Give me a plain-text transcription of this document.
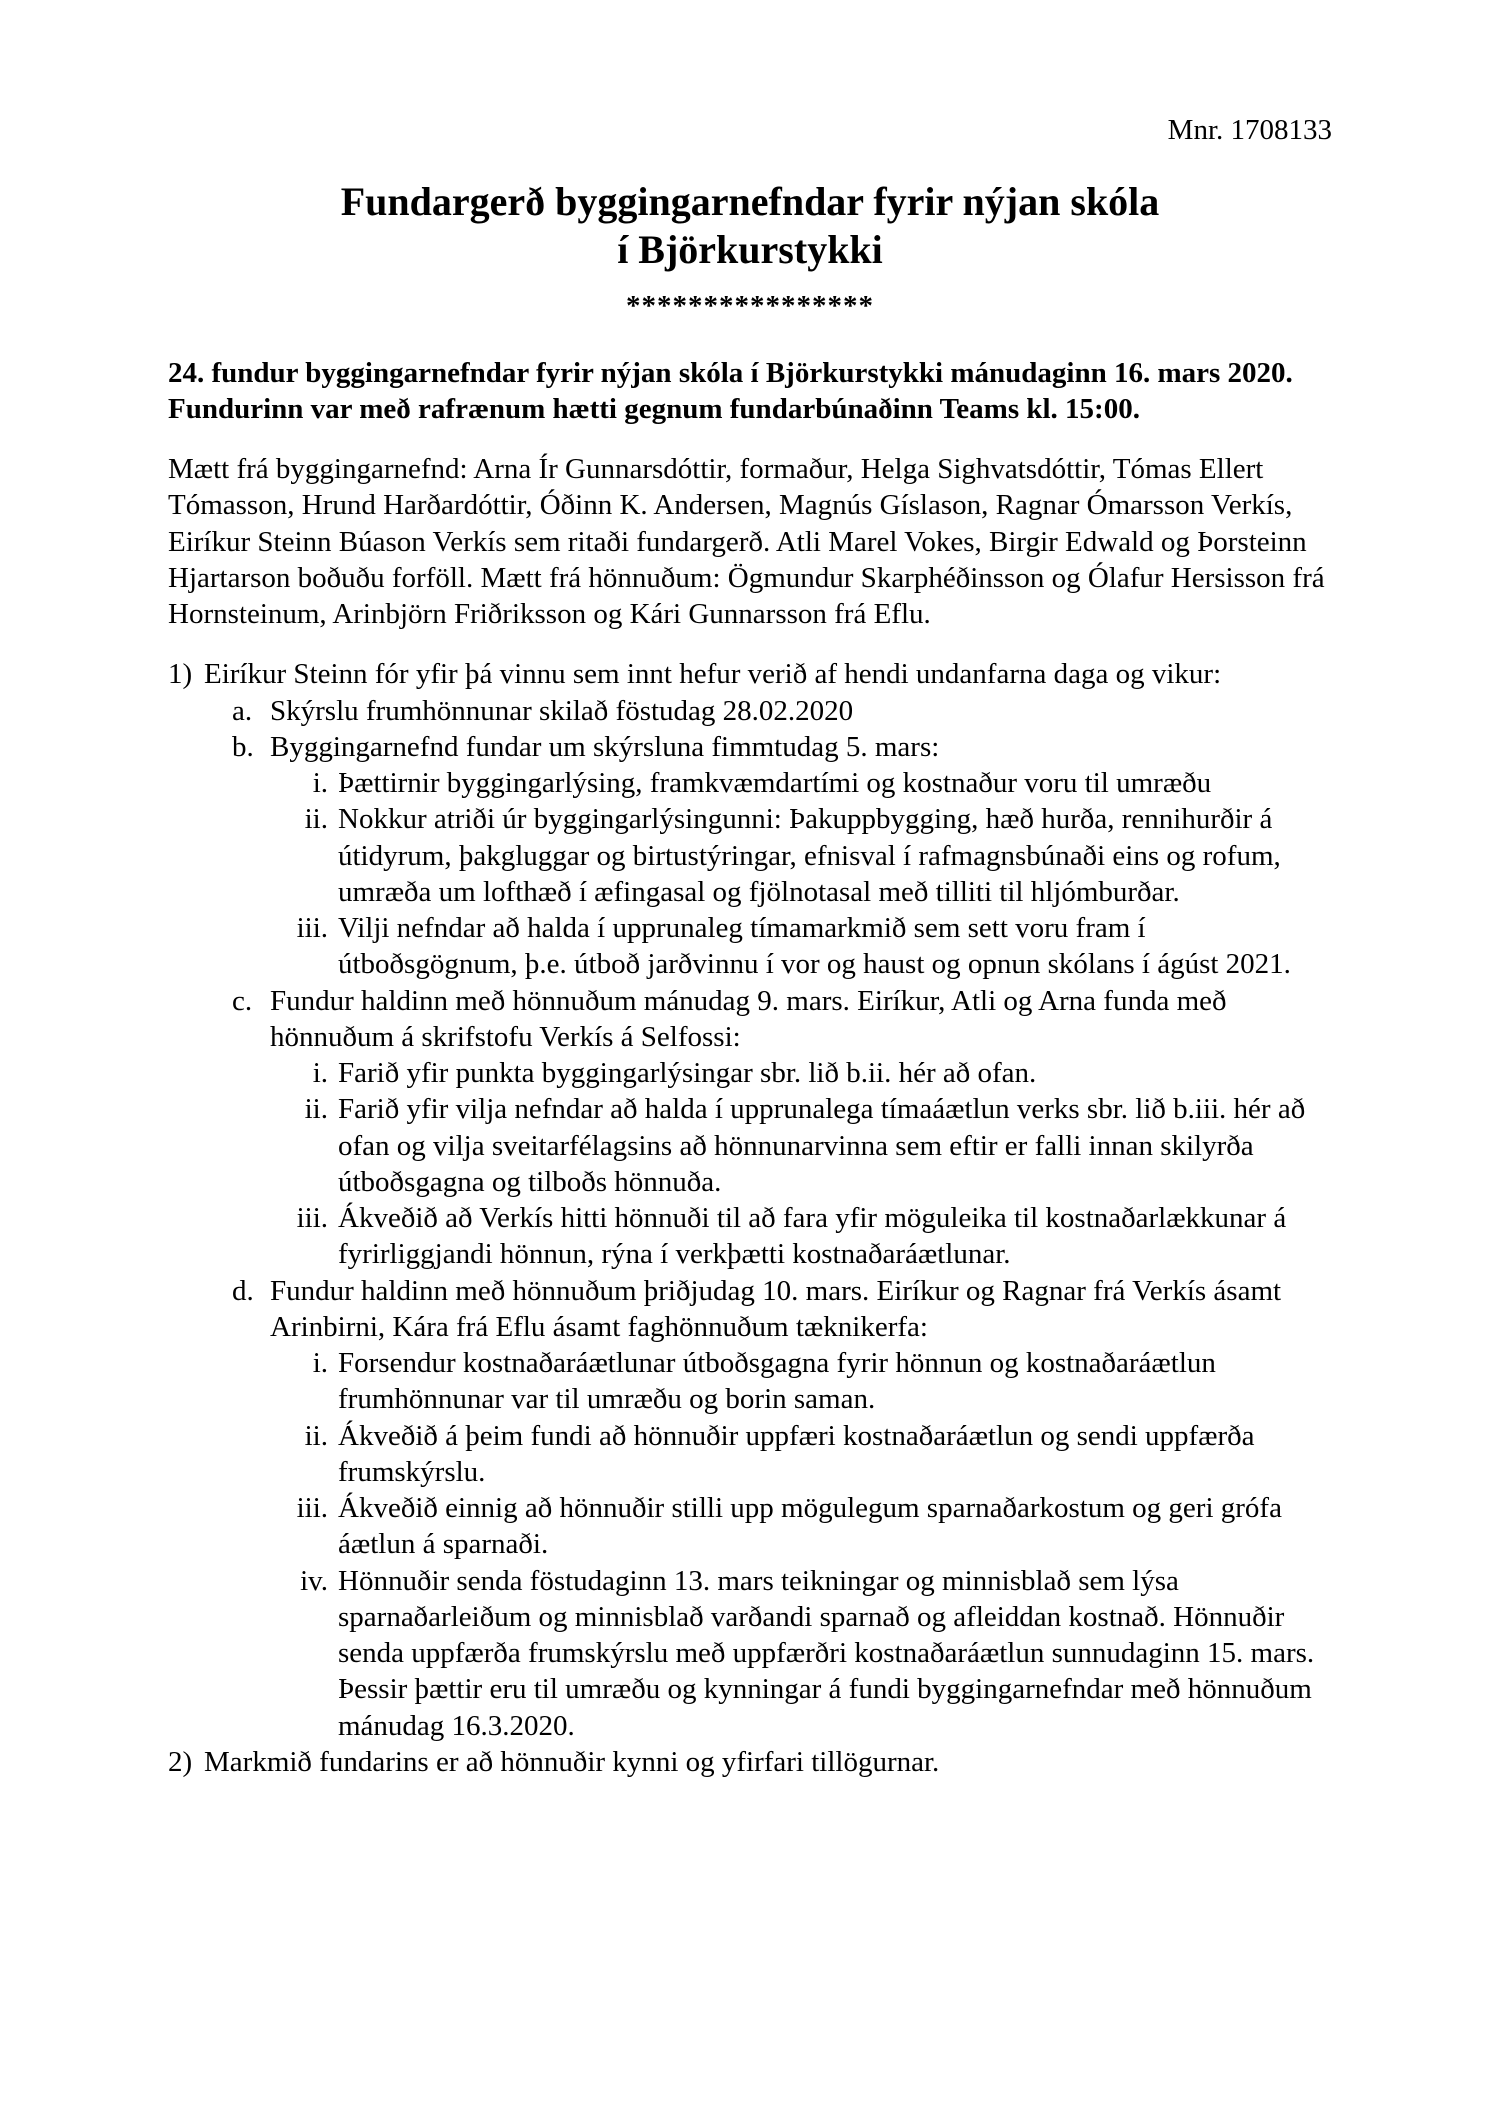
Mnr. 1708133

Fundargerð byggingarnefndar fyrir nýjan skóla
í Björkurstykki

****************

24. fundur byggingarnefndar fyrir nýjan skóla í Björkurstykki mánudaginn 16. mars 2020. Fundurinn var með rafrænum hætti gegnum fundarbúnaðinn Teams kl. 15:00.

Mætt frá byggingarnefnd: Arna Ír Gunnarsdóttir, formaður, Helga Sighvatsdóttir, Tómas Ellert Tómasson, Hrund Harðardóttir, Óðinn K. Andersen, Magnús Gíslason, Ragnar Ómarsson Verkís, Eiríkur Steinn Búason Verkís sem ritaði fundargerð. Atli Marel Vokes, Birgir Edwald og Þorsteinn Hjartarson boðuðu forföll. Mætt frá hönnuðum: Ögmundur Skarphéðinsson og Ólafur Hersisson frá Hornsteinum, Arinbjörn Friðriksson og Kári Gunnarsson frá Eflu.

1) Eiríkur Steinn fór yfir þá vinnu sem innt hefur verið af hendi undanfarna daga og vikur:
a. Skýrslu frumhönnunar skilað föstudag 28.02.2020
b. Byggingarnefnd fundar um skýrsluna fimmtudag 5. mars:
i. Þættirnir byggingarlýsing, framkvæmdartími og kostnaður voru til umræðu
ii. Nokkur atriði úr byggingarlýsingunni: Þakuppbygging, hæð hurða, rennihurðir á útidyrum, þakgluggar og birtustýringar, efnisval í rafmagnsbúnaði eins og rofum, umræða um lofthæð í æfingasal og fjölnotasal með tilliti til hljómburðar.
iii. Vilji nefndar að halda í upprunaleg tímamarkmið sem sett voru fram í útboðsgögnum, þ.e. útboð jarðvinnu í vor og haust og opnun skólans í ágúst 2021.
c. Fundur haldinn með hönnuðum mánudag 9. mars. Eiríkur, Atli og Arna funda með hönnuðum á skrifstofu Verkís á Selfossi:
i. Farið yfir punkta byggingarlýsingar sbr. lið b.ii. hér að ofan.
ii. Farið yfir vilja nefndar að halda í upprunalega tímaáætlun verks sbr. lið b.iii. hér að ofan og vilja sveitarfélagsins að hönnunarvinna sem eftir er falli innan skilyrða útboðsgagna og tilboðs hönnuða.
iii. Ákveðið að Verkís hitti hönnuði til að fara yfir möguleika til kostnaðarlækkunar á fyrirliggjandi hönnun, rýna í verkþætti kostnaðaráætlunar.
d. Fundur haldinn með hönnuðum þriðjudag 10. mars. Eiríkur og Ragnar frá Verkís ásamt Arinbirni, Kára frá Eflu ásamt faghönnuðum tæknikerfa:
i. Forsendur kostnaðaráætlunar útboðsgagna fyrir hönnun og kostnaðaráætlun frumhönnunar var til umræðu og borin saman.
ii. Ákveðið á þeim fundi að hönnuðir uppfæri kostnaðaráætlun og sendi uppfærða frumskýrslu.
iii. Ákveðið einnig að hönnuðir stilli upp mögulegum sparnaðarkostum og geri grófa áætlun á sparnaði.
iv. Hönnuðir senda föstudaginn 13. mars teikningar og minnisblað sem lýsa sparnaðarleiðum og minnisblað varðandi sparnað og afleiddan kostnað. Hönnuðir senda uppfærða frumskýrslu með uppfærðri kostnaðaráætlun sunnudaginn 15. mars. Þessir þættir eru til umræðu og kynningar á fundi byggingarnefndar með hönnuðum mánudag 16.3.2020.
2) Markmið fundarins er að hönnuðir kynni og yfirfari tillögurnar.
